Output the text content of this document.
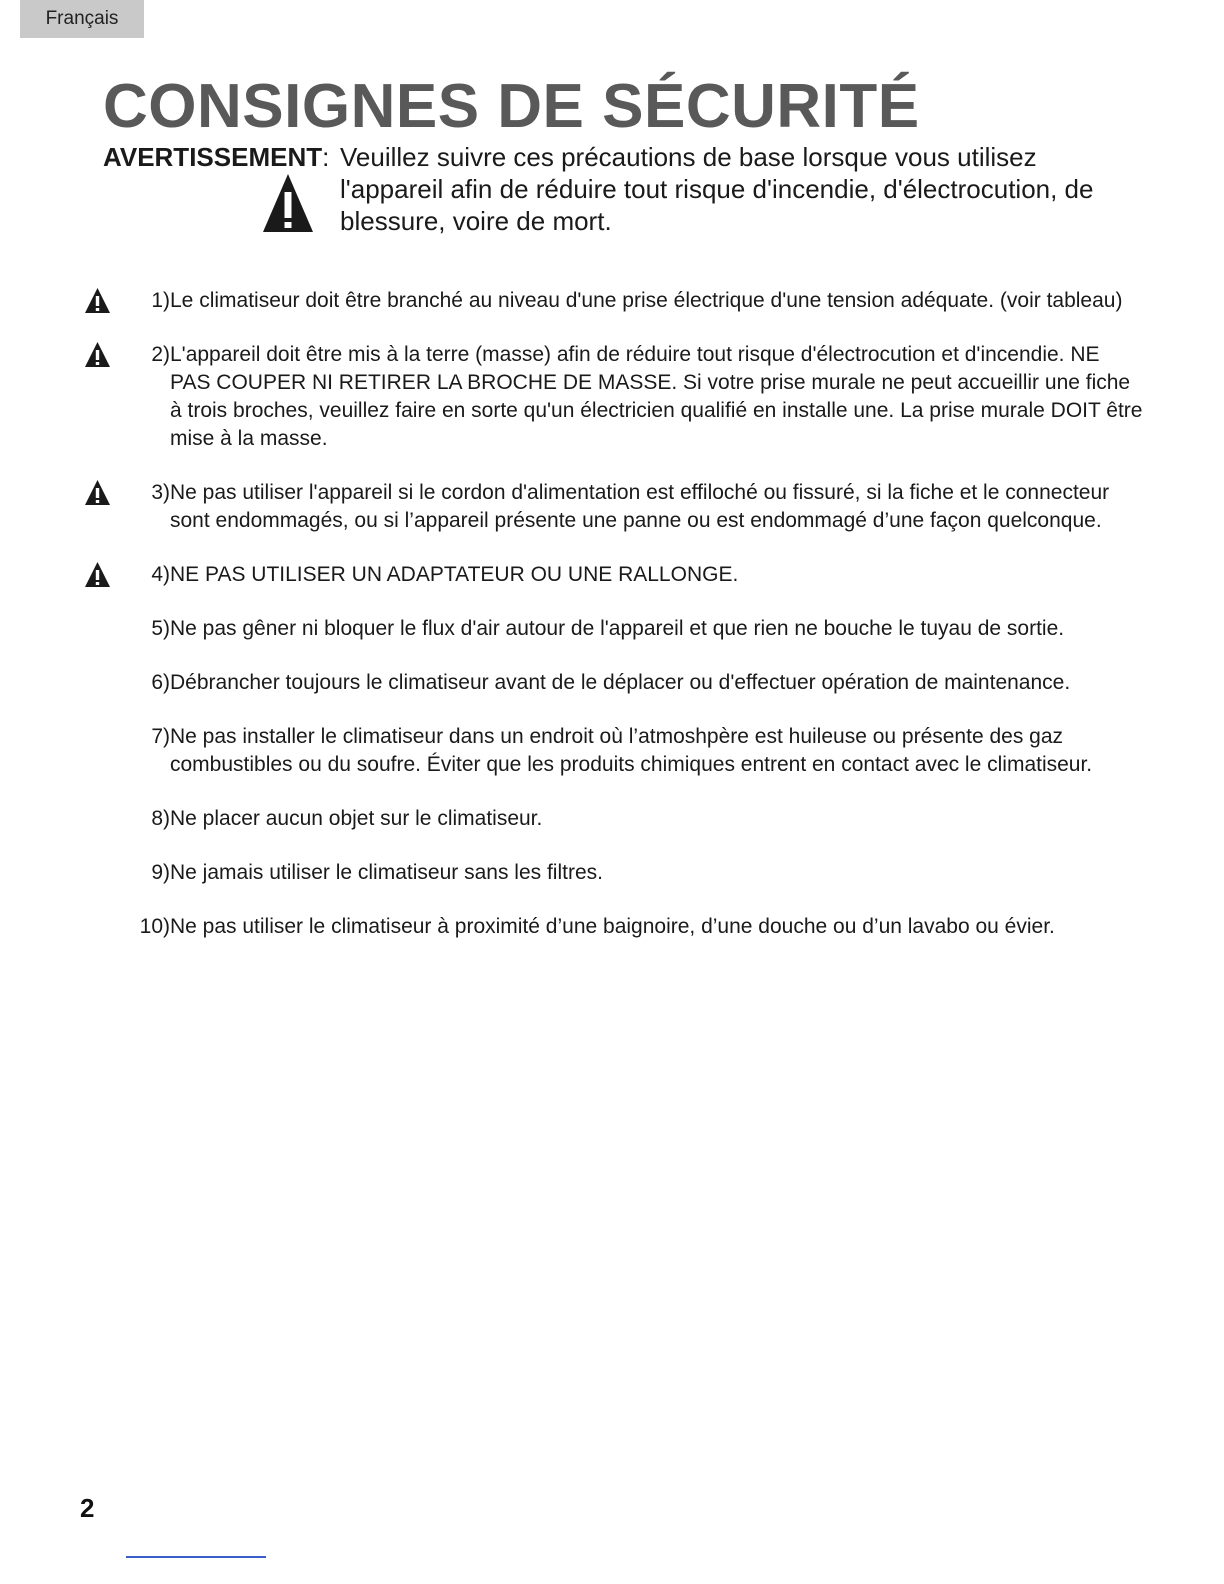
Français
CONSIGNES DE SÉCURITÉ
AVERTISSEMENT: Veuillez suivre ces précautions de base lorsque vous utilisez l'appareil afin de réduire tout risque d'incendie, d'électrocution, de blessure, voire de mort.
1) Le climatiseur doit être branché au niveau d'une prise électrique d'une tension adéquate. (voir tableau)
2) L'appareil doit être mis à la terre (masse) afin de réduire tout risque d'électrocution et d'incendie. NE PAS COUPER NI RETIRER LA BROCHE DE MASSE. Si votre prise murale ne peut accueillir une fiche à trois broches, veuillez faire en sorte qu'un électricien qualifié en installe une. La prise murale DOIT être mise à la masse.
3) Ne pas utiliser l'appareil si le cordon d'alimentation est effiloché ou fissuré, si la fiche et le connecteur sont endommagés, ou si l’appareil présente une panne ou est endommagé d’une façon quelconque.
4) NE PAS UTILISER UN ADAPTATEUR OU UNE RALLONGE.
5) Ne pas gêner ni bloquer le flux d'air autour de l'appareil et que rien ne bouche le tuyau de sortie.
6) Débrancher toujours le climatiseur avant de le déplacer ou d'effectuer opération de maintenance.
7) Ne pas installer le climatiseur dans un endroit où l’atmoshpère est huileuse ou présente des gaz combustibles ou du soufre. Éviter que les produits chimiques entrent en contact avec le climatiseur.
8) Ne placer aucun objet sur le climatiseur.
9) Ne jamais utiliser le climatiseur sans les filtres.
10) Ne pas utiliser le climatiseur à proximité d’une baignoire, d’une douche ou d’un lavabo ou évier.
2
